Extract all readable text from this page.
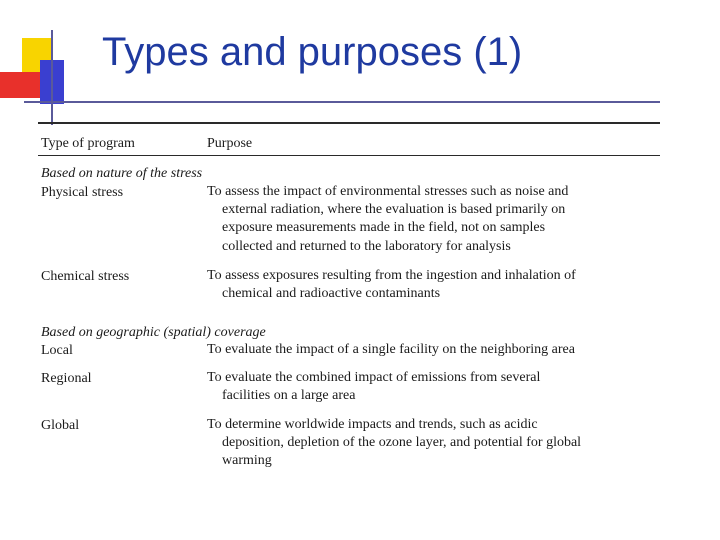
Types and purposes (1)
Type of program	Purpose
Based on nature of the stress
Physical stress	To assess the impact of environmental stresses such as noise and
external radiation, where the evaluation is based primarily on
exposure measurements made in the field, not on samples
collected and returned to the laboratory for analysis
Chemical stress	To assess exposures resulting from the ingestion and inhalation of
chemical and radioactive contaminants
Based on geographic (spatial) coverage
Local	To evaluate the impact of a single facility on the neighboring area
Regional	To evaluate the combined impact of emissions from several
facilities on a large area
Global	To determine worldwide impacts and trends, such as acidic
deposition, depletion of the ozone layer, and potential for global
warming
